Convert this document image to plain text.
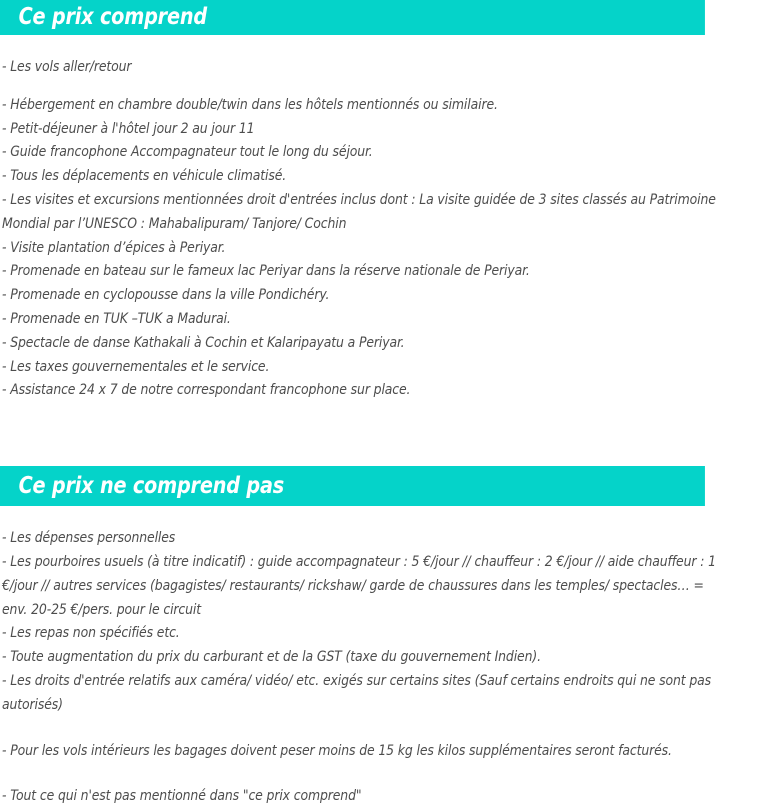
Ce prix comprend
- Les vols aller/retour
- Hébergement en chambre double/twin dans les hôtels mentionnés ou similaire.
- Petit-déjeuner à l'hôtel jour 2 au jour 11
- Guide francophone Accompagnateur tout le long du séjour.
- Tous les déplacements en véhicule climatisé.
- Les visites et excursions mentionnées droit d'entrées inclus dont : La visite guidée de 3 sites classés au Patrimoine Mondial par l’UNESCO : Mahabalipuram/ Tanjore/ Cochin
- Visite plantation d’épices à Periyar.
- Promenade en bateau sur le fameux lac Periyar dans la réserve nationale de Periyar.
- Promenade en cyclopousse dans la ville Pondichéry.
- Promenade en TUK –TUK a Madurai.
- Spectacle de danse Kathakali à Cochin et Kalaripayatu a Periyar.
- Les taxes gouvernementales et le service.
- Assistance 24 x 7 de notre correspondant francophone sur place.
Ce prix ne comprend pas
- Les dépenses personnelles
- Les pourboires usuels (à titre indicatif) : guide accompagnateur : 5 €/jour // chauffeur : 2 €/jour // aide chauffeur : 1 €/jour // autres services (bagagistes/ restaurants/ rickshaw/ garde de chaussures dans les temples/ spectacles… = env. 20-25 €/pers. pour le circuit
- Les repas non spécifiés etc.
- Toute augmentation du prix du carburant et de la GST (taxe du gouvernement Indien).
- Les droits d'entrée relatifs aux caméra/ vidéo/ etc. exigés sur certains sites (Sauf certains endroits qui ne sont pas autorisés)
- Pour les vols intérieurs les bagages doivent peser moins de 15 kg les kilos supplémentaires seront facturés.
- Tout ce qui n'est pas mentionné dans "ce prix comprend"
